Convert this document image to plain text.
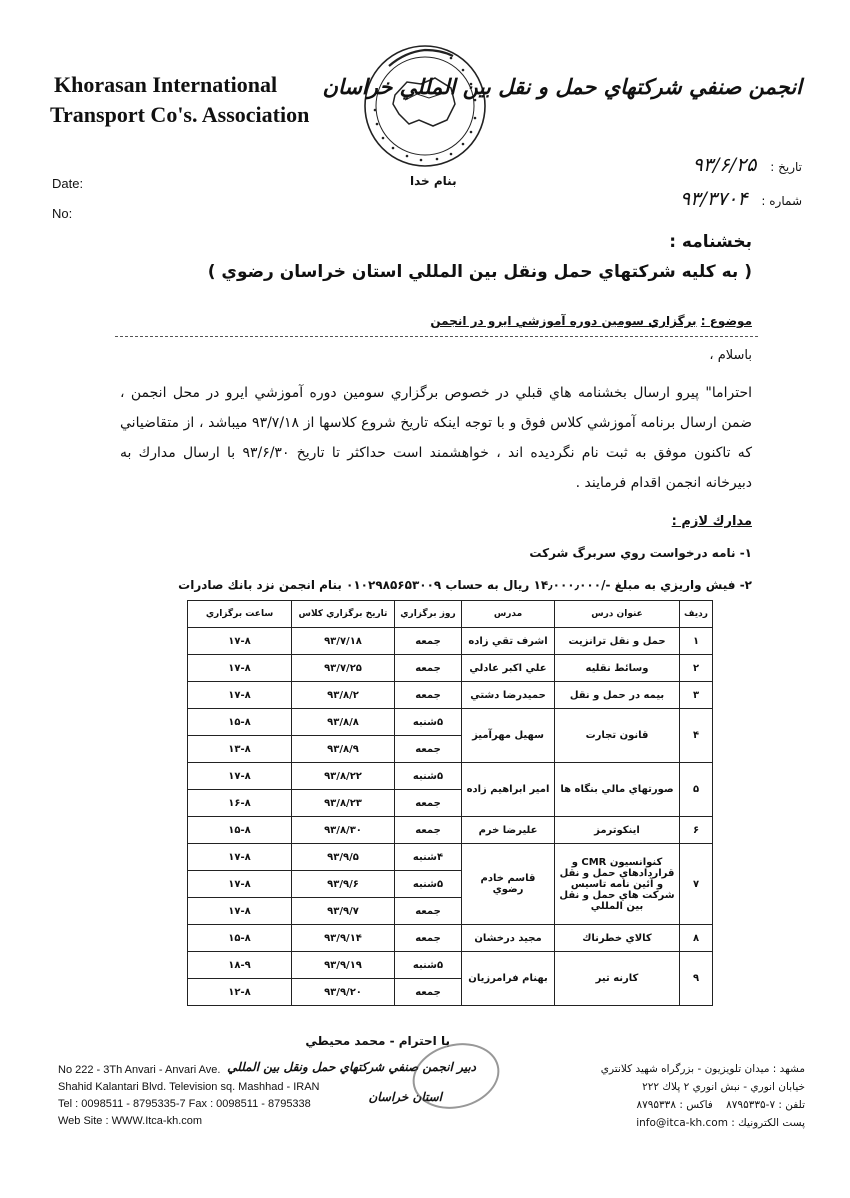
Khorasan International
Transport Co's. Association
بنام خدا
انجمن صنفي شركتهاي حمل و نقل بين المللي خراسان
Date:
No:
تاريخ : ۹۳/۶/۲۵
شماره : ۹۳/۳۷۰۴
بخشنامه :
( به كليه شركتهاي حمل ونقل بين المللي استان خراسان رضوي )
موضوع : برگزاري سومين دوره آموزشي ايرو در انجمن
باسلام ،
احتراما" پيرو ارسال بخشنامه هاي قبلي در خصوص برگزاري سومين دوره آموزشي ايرو در محل انجمن ، ضمن ارسال برنامه آموزشي كلاس فوق و با توجه اينكه تاريخ شروع كلاسها از ۹۳/۷/۱۸ ميباشد ، از متقاضياني كه تاكنون موفق به ثبت نام نگرديده اند ، خواهشمند است حداكثر تا تاريخ ۹۳/۶/۳۰ با ارسال مدارك به دبيرخانه انجمن اقدام فرمايند .
مدارك لازم :
۱- نامه درخواست روي سربرگ شركت
۲- فيش واريزي به مبلغ -/۱۴٫۰۰۰٫۰۰۰ ريال به حساب ۰۱۰۲۹۸۵۶۵۳۰۰۹ بنام انجمن نزد بانك صادرات
رديف	عنوان درس	مدرس	روز برگزاري	تاريخ برگزاري كلاس	ساعت برگزاري
۱	حمل و نقل ترانزيت	اشرف تقي زاده	جمعه	۹۳/۷/۱۸	۱۷-۸
۲	وسائط نقليه	علي اكبر عادلي	جمعه	۹۳/۷/۲۵	۱۷-۸
۳	بيمه در حمل و نقل	حميدرضا دشتي	جمعه	۹۳/۸/۲	۱۷-۸
۴	قانون تجارت	سهيل مهرآميز	۵شنبه	۹۳/۸/۸	۱۵-۸
			جمعه	۹۳/۸/۹	۱۳-۸
۵	صورتهاي مالي بنگاه ها	امير ابراهيم زاده	۵شنبه	۹۳/۸/۲۲	۱۷-۸
			جمعه	۹۳/۸/۲۳	۱۶-۸
۶	اينكوترمز	عليرضا خرم	جمعه	۹۳/۸/۳۰	۱۵-۸
۷	كنوانسيون CMR و قراردادهاي حمل و نقل و آئين نامه تاسيس شركت هاي حمل و نقل بين المللي	قاسم خادم رضوي	۴شنبه	۹۳/۹/۵	۱۷-۸
			۵شنبه	۹۳/۹/۶	۱۷-۸
			جمعه	۹۳/۹/۷	۱۷-۸
۸	كالاي خطرناك	مجيد درخشان	جمعه	۹۳/۹/۱۴	۱۵-۸
۹	كارنه تير	بهنام فرامرزيان	۵شنبه	۹۳/۹/۱۹	۱۸-۹
			جمعه	۹۳/۹/۲۰	۱۲-۸
با احترام - محمد محيطي
دبير انجمن صنفي شركتهاي حمل ونقل بين المللي
استان خراسان
No 222 - 3Th Anvari - Anvari Ave.
Shahid Kalantari Blvd. Television sq. Mashhad - IRAN
Tel : 0098511 - 8795335-7 Fax : 0098511 - 8795338
Web Site : WWW.Itca-kh.com
مشهد : ميدان تلويزيون - بزرگراه شهيد كلانتري
خيابان انوري - نبش انوري ۲ پلاك ۲۲۲
تلفن : ۷-۸۷۹۵۳۳۵    فاكس : ۸۷۹۵۳۳۸
پست الكترونيك : info@itca-kh.com
